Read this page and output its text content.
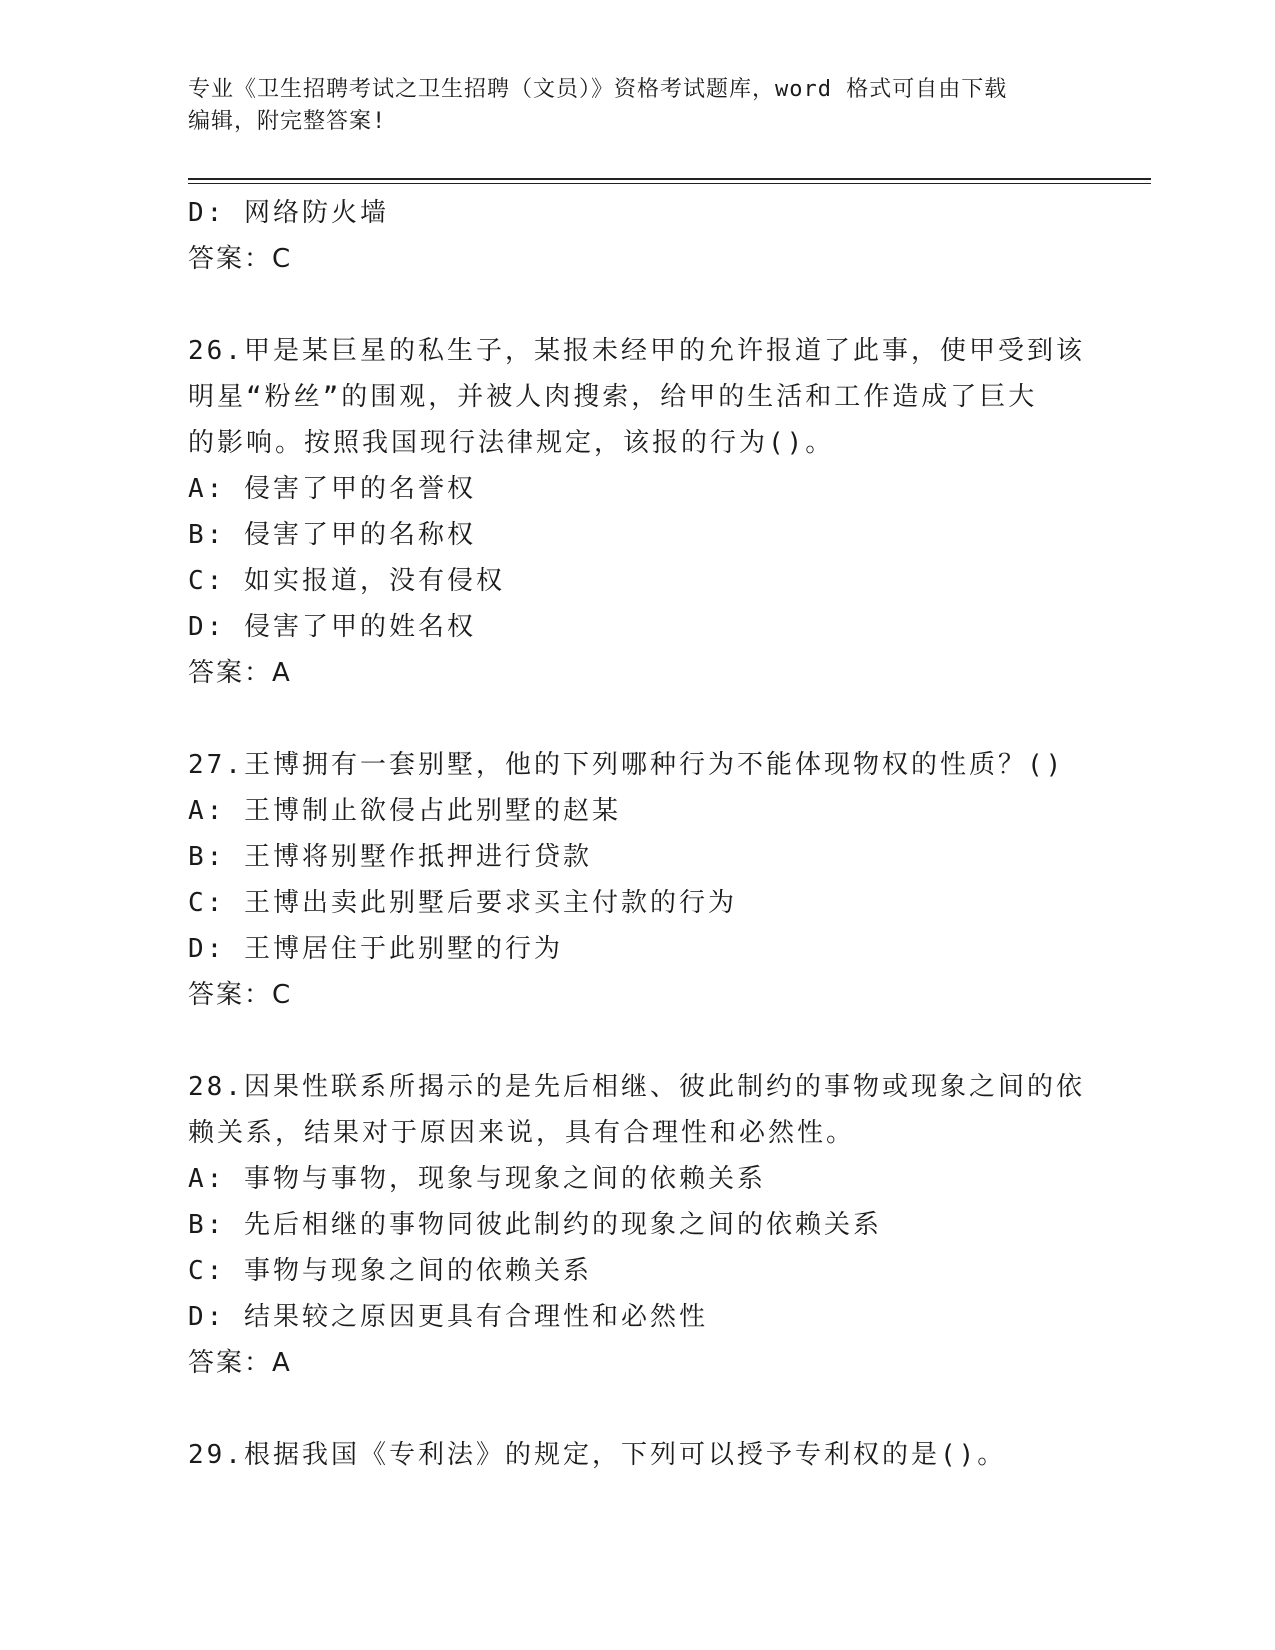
专业《卫生招聘考试之卫生招聘（文员）》资格考试题库，word 格式可自由下载
编辑，附完整答案!
D: 网络防火墙
答案：C
26.甲是某巨星的私生子，某报未经甲的允许报道了此事，使甲受到该
明星“粉丝”的围观，并被人肉搜索，给甲的生活和工作造成了巨大
的影响。按照我国现行法律规定，该报的行为()。
A: 侵害了甲的名誉权
B: 侵害了甲的名称权
C: 如实报道，没有侵权
D: 侵害了甲的姓名权
答案：A
27.王博拥有一套别墅，他的下列哪种行为不能体现物权的性质？()
A: 王博制止欲侵占此别墅的赵某
B: 王博将别墅作抵押进行贷款
C: 王博出卖此别墅后要求买主付款的行为
D: 王博居住于此别墅的行为
答案：C
28.因果性联系所揭示的是先后相继、彼此制约的事物或现象之间的依
赖关系，结果对于原因来说，具有合理性和必然性。
A: 事物与事物，现象与现象之间的依赖关系
B: 先后相继的事物同彼此制约的现象之间的依赖关系
C: 事物与现象之间的依赖关系
D: 结果较之原因更具有合理性和必然性
答案：A
29.根据我国《专利法》的规定，下列可以授予专利权的是()。
